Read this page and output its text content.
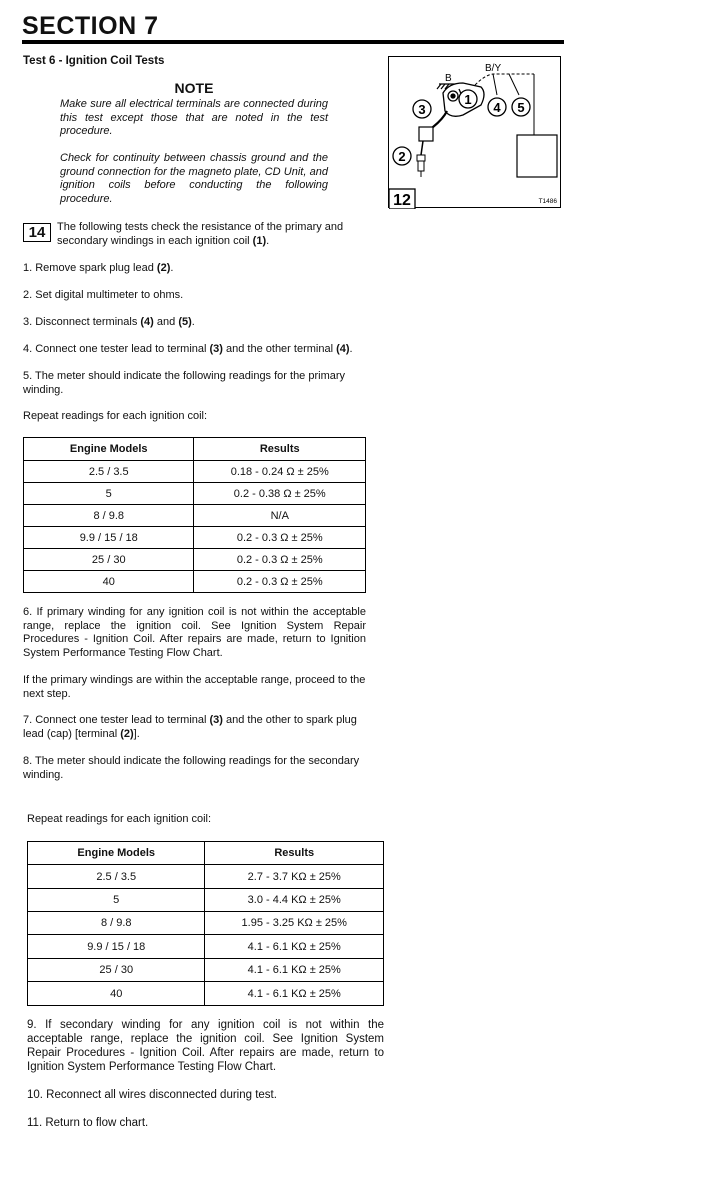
SECTION 7
Test 6 - Ignition Coil Tests
NOTE

Make sure all electrical terminals are connected during this test except those that are noted in the test procedure.

Check for continuity between chassis ground and the ground connection for the magneto plate, CD Unit, and ignition coils before conducting the following procedure.

B
B/Y
1
2
3	4 5
12	T1486
14	The following tests check the resistance of the primary and secondary windings in each ignition coil (1).

1. Remove spark plug lead (2).

2. Set digital multimeter to ohms.

3. Disconnect terminals (4) and (5).

4. Connect one tester lead to terminal (3) and the other terminal (4).

5. The meter should indicate the following readings for the primary winding.

Repeat readings for each ignition coil:

Engine Models	Results
2.5 / 3.5	0.18 - 0.24 Ω ± 25%
5	0.2 - 0.38 Ω ± 25%
8 / 9.8	N/A
9.9 / 15 / 18	0.2 - 0.3 Ω ± 25%
25 / 30	0.2 - 0.3 Ω ± 25%
40	0.2 - 0.3 Ω ± 25%

6. If primary winding for any ignition coil is not within the acceptable range, replace the ignition coil. See Ignition System Repair Procedures - Ignition Coil. After repairs are made, return to Ignition System Performance Testing Flow Chart.

If the primary windings are within the acceptable range, proceed to the next step.

7. Connect one tester lead to terminal (3) and the other to spark plug lead (cap) [terminal (2)].

8. The meter should indicate the following readings for the secondary winding.

Repeat readings for each ignition coil:

Engine Models	Results
2.5 / 3.5	2.7 - 3.7 KΩ ± 25%
5	3.0 - 4.4 KΩ ± 25%
8 / 9.8	1.95 - 3.25 KΩ ± 25%
9.9 / 15 / 18	4.1 - 6.1 KΩ ± 25%
25 / 30	4.1 - 6.1 KΩ ± 25%
40	4.1 - 6.1 KΩ ± 25%

9. If secondary winding for any ignition coil is not within the acceptable range, replace the ignition coil. See Ignition System Repair Procedures - Ignition Coil. After repairs are made, return to Ignition System Performance Testing Flow Chart.

10. Reconnect all wires disconnected during test.

11. Return to flow chart.
